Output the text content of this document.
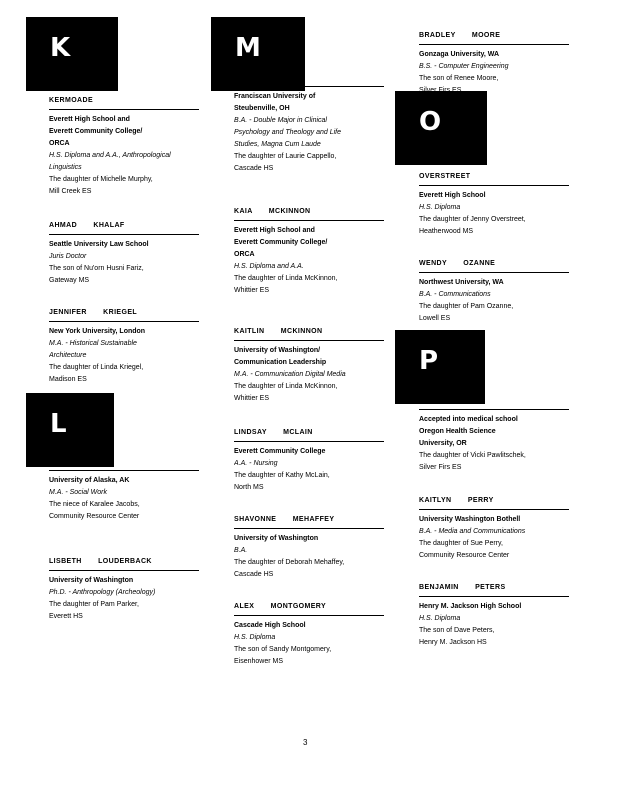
K	M
O
P
L
KERMOADE
Everett High School and
Everett Community College/
ORCA
H.S. Diploma and A.A., Anthropological
Linguistics
The daughter of Michelle Murphy,
Mill Creek ES
AHMAD KHALAF
Seattle University Law School
Juris Doctor
The son of Nu'orn Husni Fariz,
Gateway MS
JENNIFER KRIEGEL
New York University, London
M.A. - Historical Sustainable
Architecture
The daughter of Linda Kriegel,
Madison ES
ARRABEE
University of Alaska, AK
M.A. - Social Work
The niece of Karalee Jacobs,
Community Resource Center
LISBETH LOUDERBACK
University of Washington
Ph.D. - Anthropology (Archeology)
The daughter of Pam Parker,
Everett HS
Franciscan University of
Steubenville, OH
B.A. - Double Major in Clinical
Psychology and Theology and Life
Studies, Magna Cum Laude
The daughter of Laurie Cappello,
Cascade HS
KAIA MCKINNON
Everett High School and
Everett Community College/
ORCA
H.S. Diploma and A.A.
The daughter of Linda McKinnon,
Whittier ES
KAITLIN MCKINNON
University of Washington/
Communication Leadership
M.A. - Communication Digital Media
The daughter of Linda McKinnon,
Whittier ES
LINDSAY MCLAIN
Everett Community College
A.A. - Nursing
The daughter of Kathy McLain,
North MS
SHAVONNE MEHAFFEY
University of Washington
B.A.
The daughter of Deborah Mehaffey,
Cascade HS
ALEX MONTGOMERY
Cascade High School
H.S. Diploma
The son of Sandy Montgomery,
Eisenhower MS
BRADLEY MOORE
Gonzaga University, WA
B.S. - Computer Engineering
The son of Renee Moore,
Silver Firs ES
OVERSTREET
Everett High School
H.S. Diploma
The daughter of Jenny Overstreet,
Heatherwood MS
WENDY OZANNE
Northwest University, WA
B.A. - Communications
The daughter of Pam Ozanne,
Lowell ES
SCHEK
Accepted into medical school
Oregon Health Science
University, OR
The daughter of Vicki Pawlitschek,
Silver Firs ES
KAITLYN PERRY
University Washington Bothell
B.A. - Media and Communications
The daughter of Sue Perry,
Community Resource Center
BENJAMIN PETERS
Henry M. Jackson High School
H.S. Diploma
The son of Dave Peters,
Henry M. Jackson HS
3
